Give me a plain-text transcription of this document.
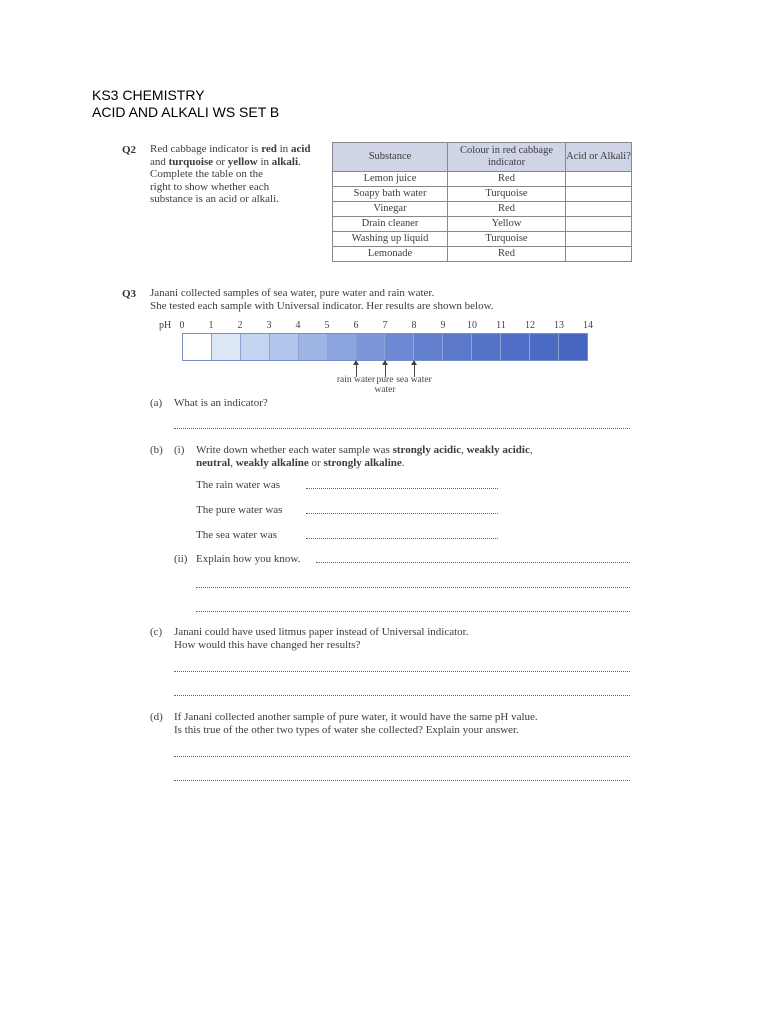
KS3 CHEMISTRY
ACID AND ALKALI WS SET B
Q2 Red cabbage indicator is red in acid
and turquoise or yellow in alkali.
Complete the table on the
right to show whether each
substance is an acid or alkali.
Substance	Colour in red cabbage indicator	Acid or Alkali?
Lemon juice	Red	
Soapy bath water	Turquoise	
Vinegar	Red	
Drain cleaner	Yellow	
Washing up liquid	Turquoise	
Lemonade	Red	
Q3 Janani collected samples of sea water, pure water and rain water.
She tested each sample with Universal indicator. Her results are shown below.
pH 0 1 2 3 4 5 6 7 8 9 10 11 12 13 14
rain water pure water
sea water
(a) What is an indicator?
(b) (i) Write down whether each water sample was strongly acidic, weakly acidic,
neutral, weakly alkaline or strongly alkaline.
The rain water was
The pure water was
The sea water was
(ii) Explain how you know.
(c) Janani could have used litmus paper instead of Universal indicator.
How would this have changed her results?
(d) If Janani collected another sample of pure water, it would have the same pH value.
Is this true of the other two types of water she collected? Explain your answer.
